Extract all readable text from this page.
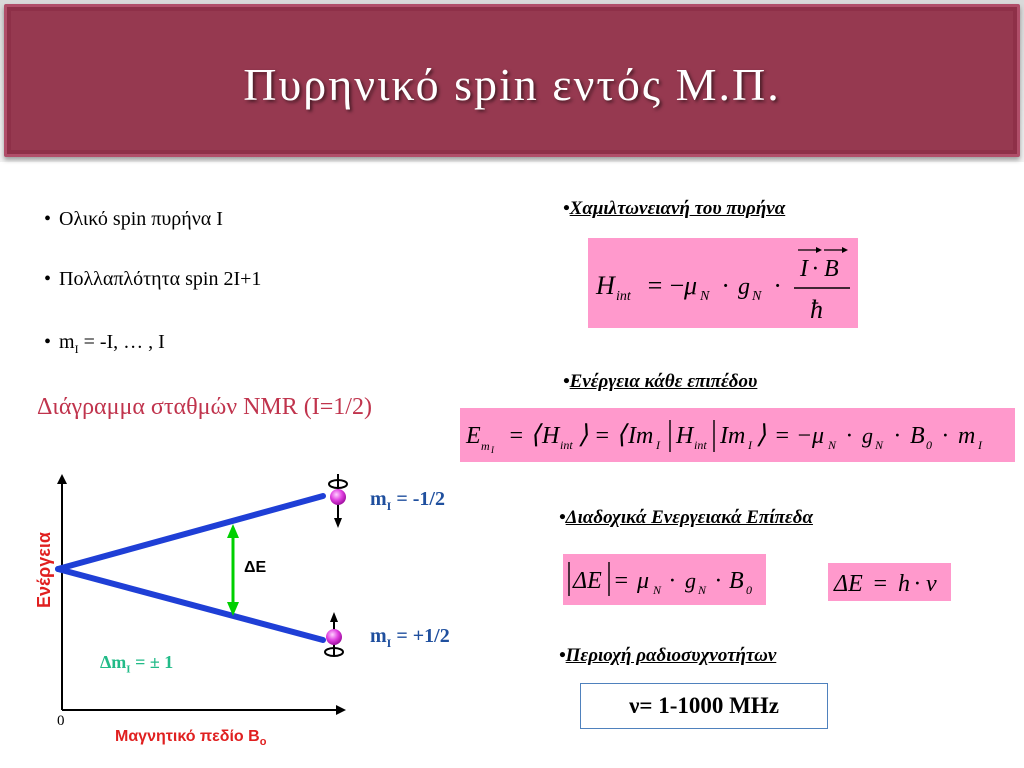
Πυρηνικό spin εντός Μ.Π.
• Ολικό spin πυρήνα I
• Πολλαπλότητα spin 2I+1
• $m_I = -I$, … , I
Διάγραμμα σταθμών NMR (I=1/2)
•Χαμιλτωνειανή του πυρήνα
•Ενέργεια κάθε επιπέδου
•Διαδοχικά Ενεργειακά Επίπεδα
•Περιοχή ραδιοσυχνοτήτων
H int = −
μ N · g N ·
I · B
ħ
E m I
= ⟨ H int ⟩ = ⟨ Im I H int Im I ⟩ = − μ N · g N · B 0 · m I
ΔE = μ N · g N · B 0	ΔE = h · ν
ν= 1-1000 MHz
ΔΕ
0
Ενέργεια
Μαγνητικό πεδίο $B_o$
$m_I = -1/2$
$m_I = +1/2$
$\Delta m_I$ = ± 1
